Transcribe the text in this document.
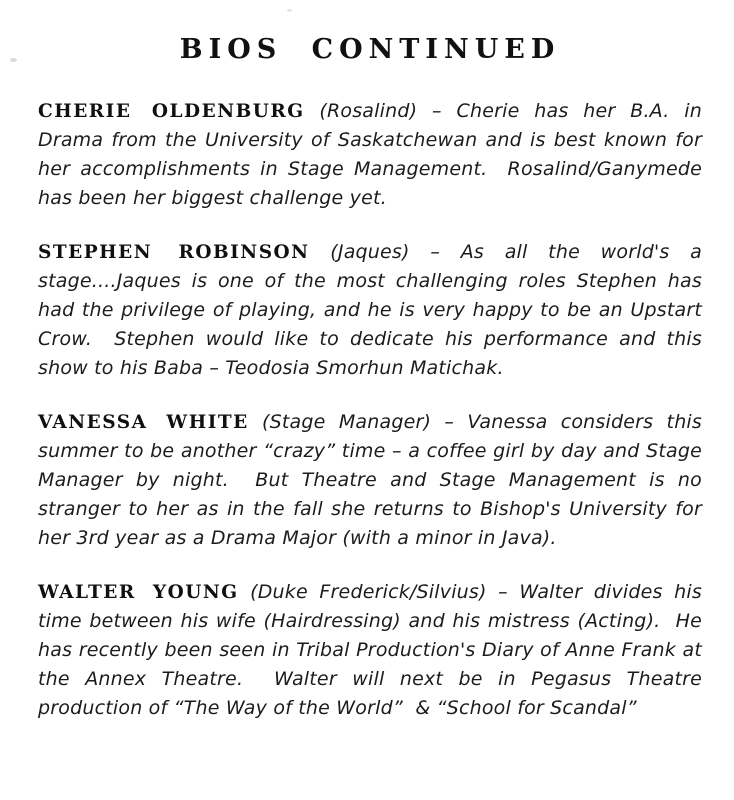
BIOS CONTINUED

CHERIE OLDENBURG (Rosalind) – Cherie has her B.A. in Drama from the University of Saskatchewan and is best known for her accomplishments in Stage Management.  Rosalind/Ganymede has been her biggest challenge yet.

STEPHEN ROBINSON (Jaques) – As all the world's a stage....Jaques is one of the most challenging roles Stephen has had the privilege of playing, and he is very happy to be an Upstart Crow.  Stephen would like to dedicate his performance and this show to his Baba – Teodosia Smorhun Matichak.

VANESSA WHITE (Stage Manager) – Vanessa considers this summer to be another “crazy” time – a coffee girl by day and Stage Manager by night.  But Theatre and Stage Management is no stranger to her as in the fall she returns to Bishop's University for her 3rd year as a Drama Major (with a minor in Java).

WALTER YOUNG (Duke Frederick/Silvius) – Walter divides his time between his wife (Hairdressing) and his mistress (Acting).  He has recently been seen in Tribal Production's Diary of Anne Frank at the Annex Theatre.  Walter will next be in Pegasus Theatre production of “The Way of the World”  & “School for Scandal”
